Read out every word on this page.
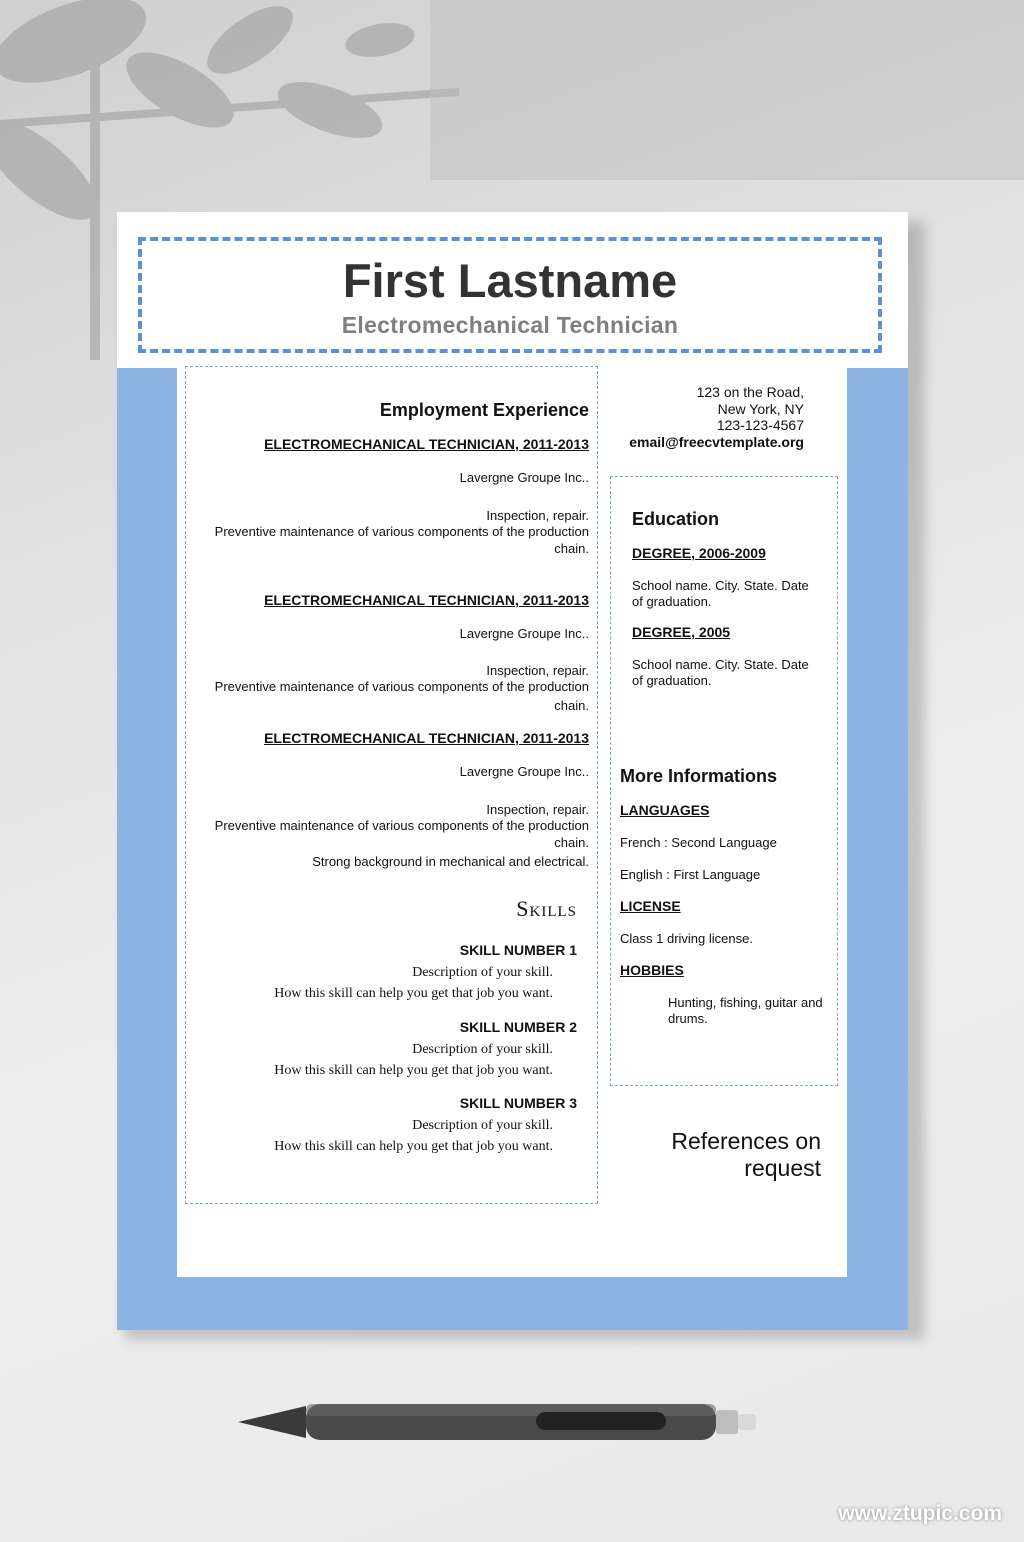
First Lastname
Electromechanical Technician
Employment Experience
ELECTROMECHANICAL TECHNICIAN, 2011-2013
Lavergne Groupe Inc..
Inspection, repair.
Preventive maintenance of various components of the production
chain.
ELECTROMECHANICAL TECHNICIAN, 2011-2013
Lavergne Groupe Inc..
Inspection, repair.
Preventive maintenance of various components of the production
chain.
ELECTROMECHANICAL TECHNICIAN, 2011-2013
Lavergne Groupe Inc..
Inspection, repair.
Preventive maintenance of various components of the production
chain.
Strong background in mechanical and electrical.
Skills
SKILL NUMBER 1
Description of your skill.
How this skill can help you get that job you want.
SKILL NUMBER 2
Description of your skill.
How this skill can help you get that job you want.
SKILL NUMBER 3
Description of your skill.
How this skill can help you get that job you want.
123 on the Road,
New York, NY
123-123-4567
email@freecvtemplate.org
Education
DEGREE, 2006-2009
School name. City. State. Date
of graduation.
DEGREE, 2005
School name. City. State. Date
of graduation.
More Informations
LANGUAGES
French : Second Language
English : First Language
LICENSE
Class 1 driving license.
HOBBIES
Hunting, fishing, guitar and
drums.
References on
request
www.ztupic.com
